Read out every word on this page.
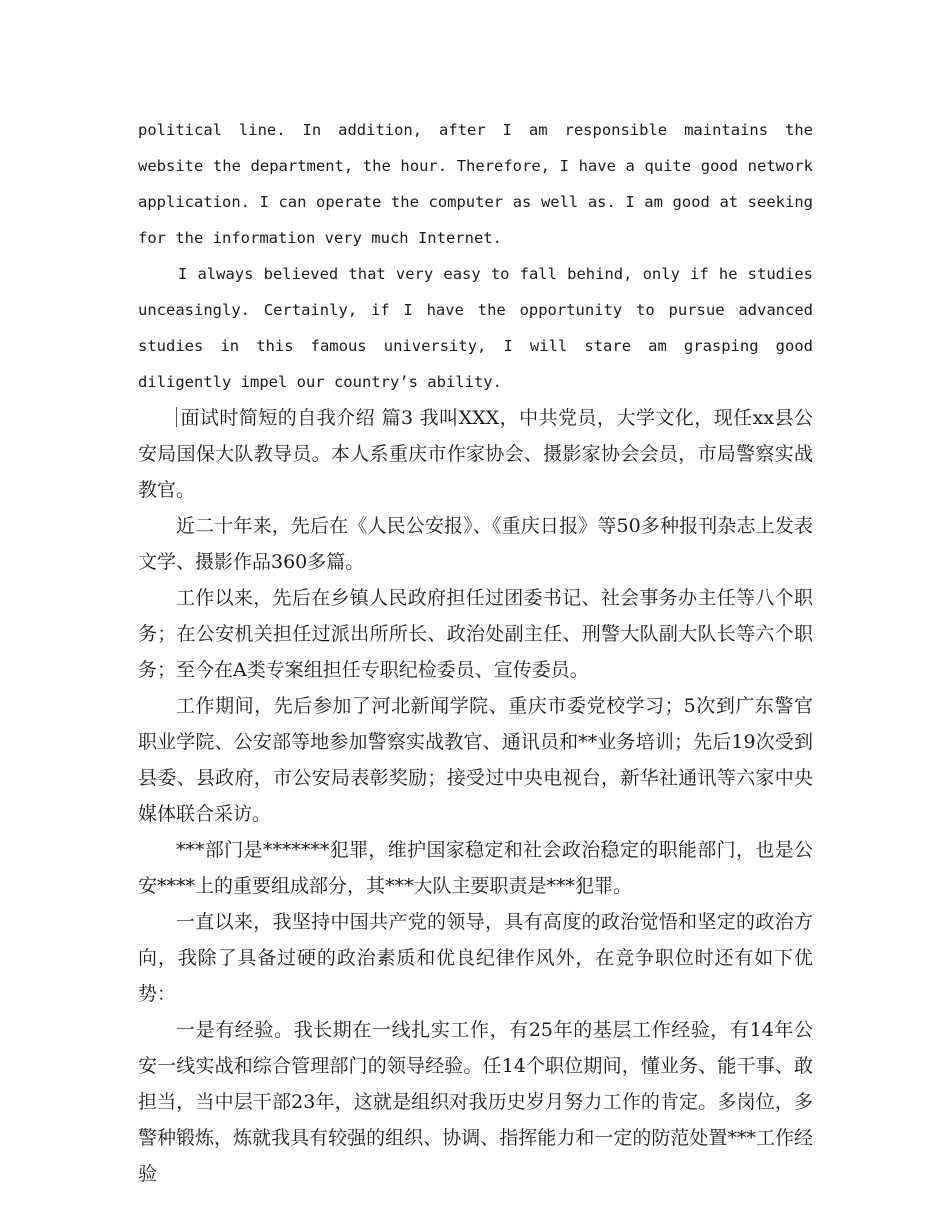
political line. In addition, after I am responsible maintains the website the department, the hour. Therefore, I have a quite good network application. I can operate the computer as well as. I am good at seeking for the information very much Internet.

I always believed that very easy to fall behind, only if he studies unceasingly. Certainly, if I have the opportunity to pursue advanced studies in this famous university, I will stare am grasping good diligently impel our country’s ability.

面试时简短的自我介绍 篇3 我叫XXX，中共党员，大学文化，现任xx县公安局国保大队教导员。本人系重庆市作家协会、摄影家协会会员，市局警察实战教官。

近二十年来，先后在《人民公安报》、《重庆日报》等50多种报刊杂志上发表文学、摄影作品360多篇。

工作以来，先后在乡镇人民政府担任过团委书记、社会事务办主任等八个职务；在公安机关担任过派出所所长、政治处副主任、刑警大队副大队长等六个职务；至今在A类专案组担任专职纪检委员、宣传委员。

工作期间，先后参加了河北新闻学院、重庆市委党校学习；5次到广东警官职业学院、公安部等地参加警察实战教官、通讯员和**业务培训；先后19次受到县委、县政府，市公安局表彰奖励；接受过中央电视台，新华社通讯等六家中央媒体联合采访。

***部门是*******犯罪，维护国家稳定和社会政治稳定的职能部门，也是公安****上的重要组成部分，其***大队主要职责是***犯罪。

一直以来，我坚持中国共产党的领导，具有高度的政治觉悟和坚定的政治方向，我除了具备过硬的政治素质和优良纪律作风外，在竞争职位时还有如下优势：

一是有经验。我长期在一线扎实工作，有25年的基层工作经验，有14年公安一线实战和综合管理部门的领导经验。任14个职位期间，懂业务、能干事、敢担当，当中层干部23年，这就是组织对我历史岁月努力工作的肯定。多岗位，多警种锻炼，炼就我具有较强的组织、协调、指挥能力和一定的防范处置***工作经验
